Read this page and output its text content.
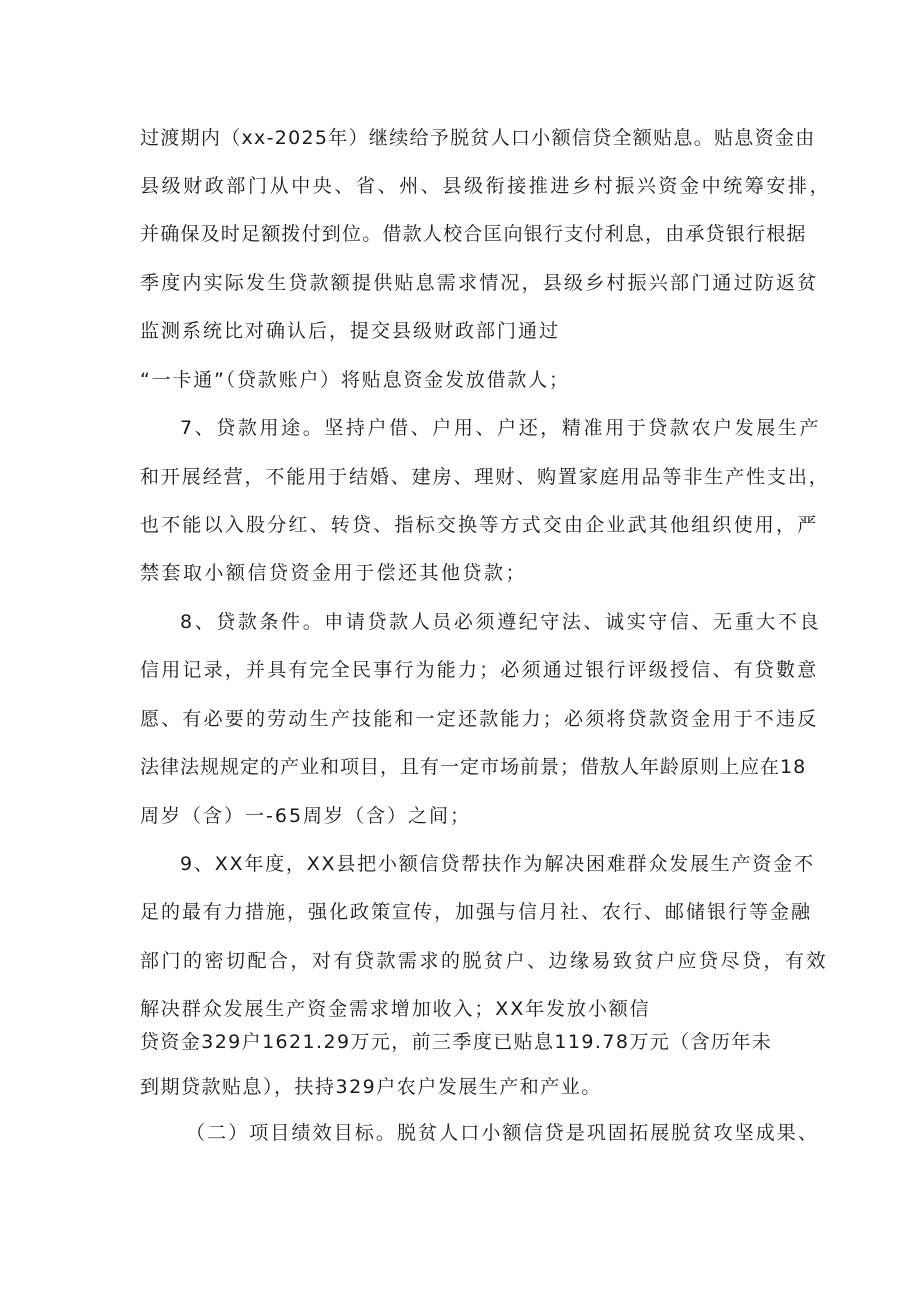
过渡期内（xx-2025年）继续给予脱贫人口小额信贷全额贴息。贴息资金由
县级财政部门从中央、省、州、县级衔接推进乡村振兴资金中统筹安排，
并确保及时足额拨付到位。借款人校合匡向银行支付利息，由承贷银行根据
季度内实际发生贷款额提供贴息需求情况，县级乡村振兴部门通过防返贫
监测系统比对确认后，提交县级财政部门通过
“一卡通”（贷款账户）将贴息资金发放借款人；
7、贷款用途。坚持户借、户用、户还，精准用于贷款农户发展生产
和开展经营，不能用于结婚、建房、理财、购置家庭用品等非生产性支出，
也不能以入股分红、转贷、指标交换等方式交由企业武其他组织使用，严
禁套取小额信贷资金用于偿还其他贷款；
8、贷款条件。申请贷款人员必须遵纪守法、诚实守信、无重大不良
信用记录，并具有完全民事行为能力；必须通过银行评级授信、有贷數意
愿、有必要的劳动生产技能和一定还款能力；必须将贷款资金用于不违反
法律法规规定的产业和项目，且有一定市场前景；借敖人年龄原则上应在18
周岁（含）一-65周岁（含）之间；
9、XX年度，XX县把小额信贷帮扶作为解决困难群众发展生产资金不
足的最有力措施，强化政策宣传，加强与信月社、农行、邮储银行等金融
部门的密切配合，对有贷款需求的脱贫户、边缘易致贫户应贷尽贷，有效
解决群众发展生产资金需求增加收入；XX年发放小额信
贷资金329户1621.29万元，前三季度已贴息119.78万元（含历年未
到期贷款贴息），扶持329户农户发展生产和产业。
（二）项目绩效目标。脱贫人口小额信贷是巩固拓展脱贫攻坚成果、
